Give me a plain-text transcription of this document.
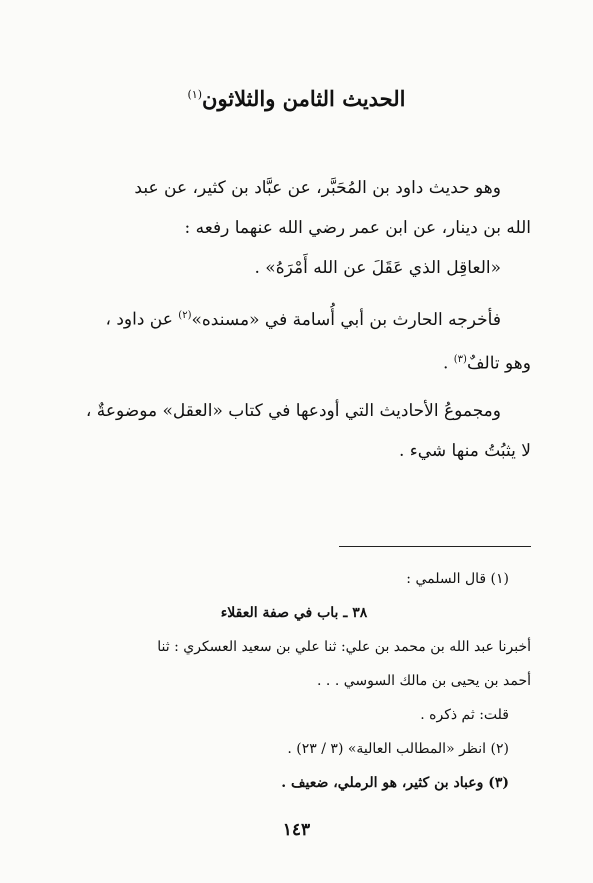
الحديث الثامن والثلاثون$^{(١)}$

وهو حديث داود بن المُحَبَّر، عن عبَّاد بن كثير، عن عبد
الله بن دينار، عن ابن عمر رضي الله عنهما رفعه :

«العاقِل الذي عَقَلَ عن الله أَمْرَهُ» .

فأخرجه الحارث بن أبي أُسامة في «مسنده»$^{(٢)}$ عن داود ،
وهو تالفٌ$^{(٣)}$ .

ومجموعُ الأحاديث التي أودعها في كتاب «العقل» موضوعةٌ ،
لا يثبُتُ منها شيء .

(١) قال السلمي :

٣٨ ـ باب في صفة العقلاء

أخبرنا عبد الله بن محمد بن علي: ثنا علي بن سعيد العسكري : ثنا

أحمد بن يحيى بن مالك السوسي . . .

قلت: ثم ذكره .

(٢) انظر «المطالب العالية» (٣ / ٢٣) .

(٣) وعباد بن كثير، هو الرملي، ضعيف .

١٤٣
